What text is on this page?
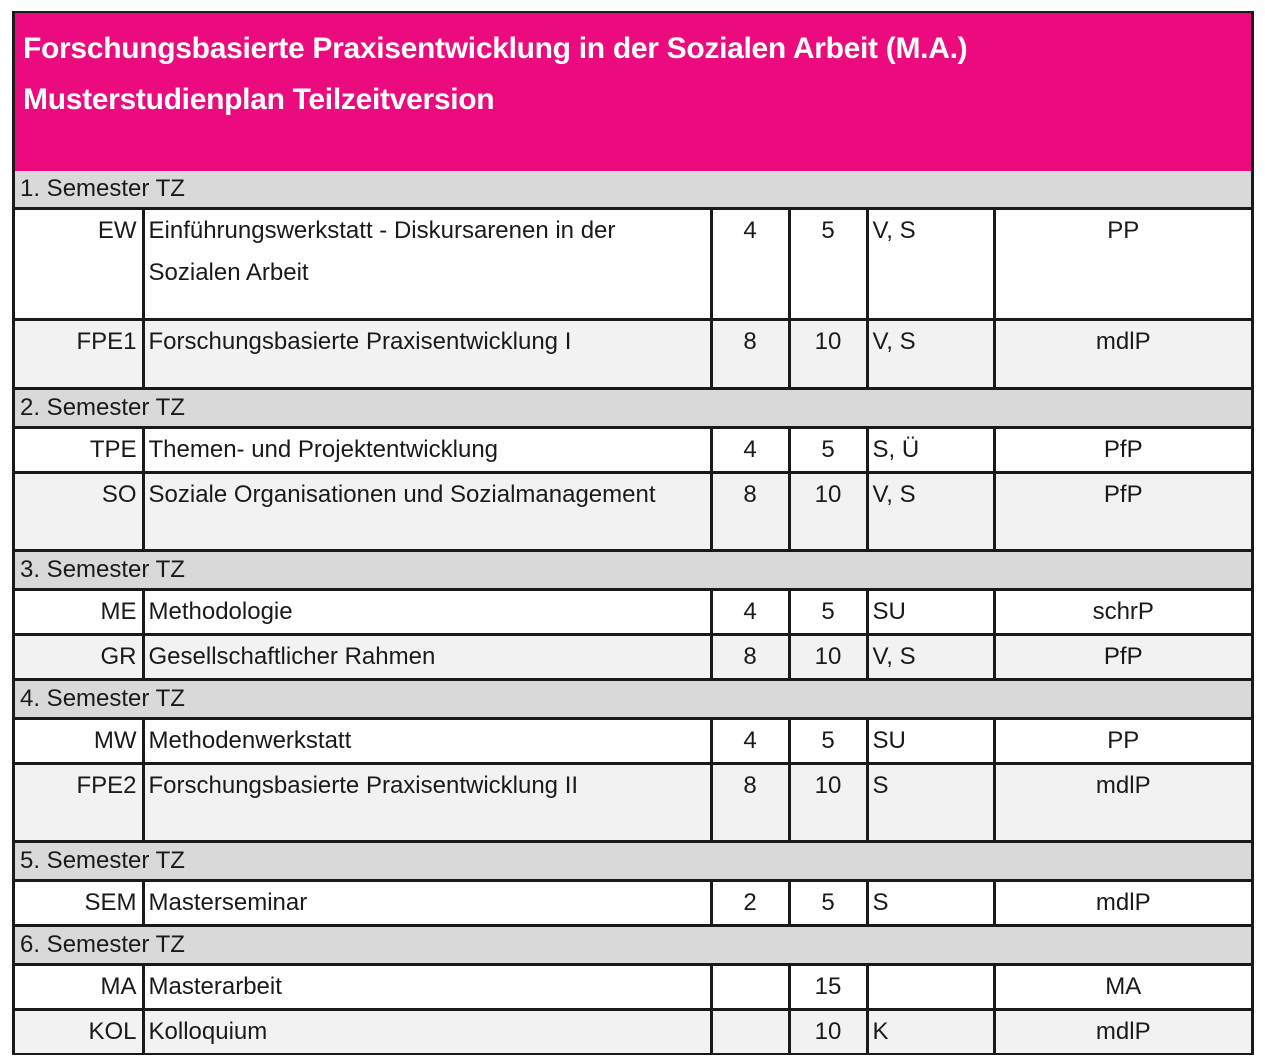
Forschungsbasierte Praxisentwicklung in der Sozialen Arbeit (M.A.)
Musterstudienplan Teilzeitversion
1. Semester TZ					
EW	Einführungswerkstatt - Diskursarenen in der Sozialen Arbeit	4	5	V, S	PP
FPE1	Forschungsbasierte Praxisentwicklung I	8	10	V, S	mdlP
2. Semester TZ					
TPE	Themen- und Projektentwicklung	4	5	S, Ü	PfP
SO	Soziale Organisationen und Sozialmanagement	8	10	V, S	PfP
3. Semester TZ					
ME	Methodologie	4	5	SU	schrP
GR	Gesellschaftlicher Rahmen	8	10	V, S	PfP
4. Semester TZ					
MW	Methodenwerkstatt	4	5	SU	PP
FPE2	Forschungsbasierte Praxisentwicklung II	8	10	S	mdlP
5. Semester TZ					
SEM	Masterseminar	2	5	S	mdlP
6. Semester TZ					
MA	Masterarbeit		15		MA
KOL	Kolloquium		10	K	mdlP
